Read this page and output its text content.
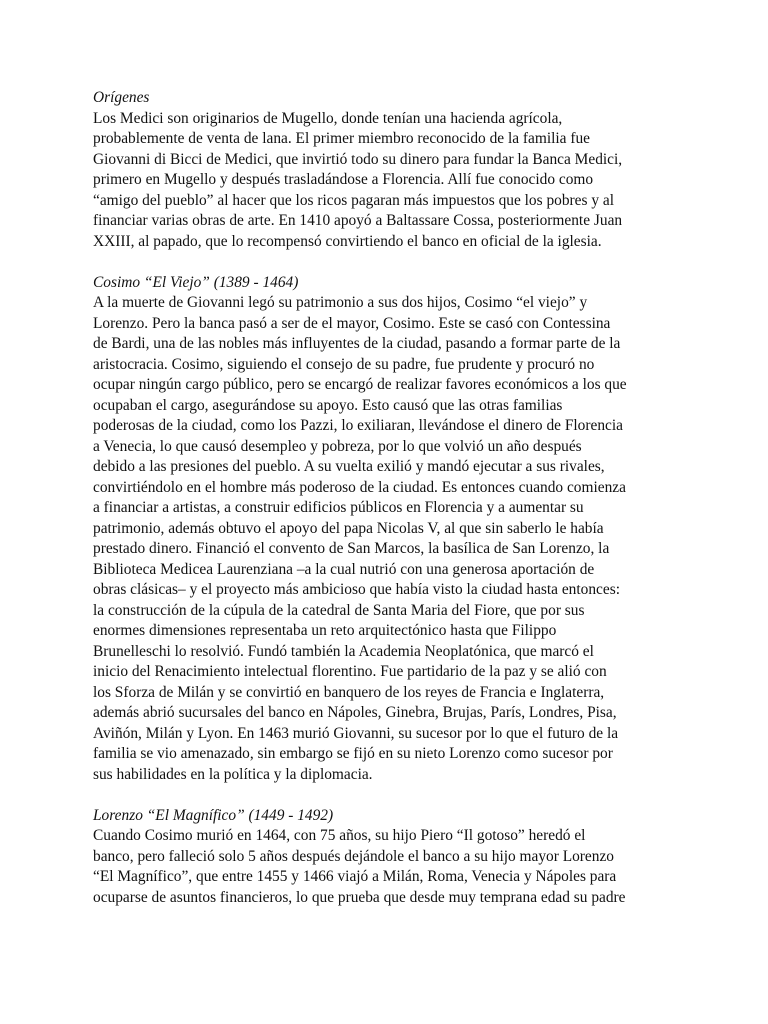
Orígenes
Los Medici son originarios de Mugello, donde tenían una hacienda agrícola,
probablemente de venta de lana. El primer miembro reconocido de la familia fue
Giovanni di Bicci de Medici, que invirtió todo su dinero para fundar la Banca Medici,
primero en Mugello y después trasladándose a Florencia. Allí fue conocido como
“amigo del pueblo” al hacer que los ricos pagaran más impuestos que los pobres y al
financiar varias obras de arte. En 1410 apoyó a Baltassare Cossa, posteriormente Juan
XXIII, al papado, que lo recompensó convirtiendo el banco en oficial de la iglesia.
Cosimo “El Viejo” (1389 - 1464)
A la muerte de Giovanni legó su patrimonio a sus dos hijos, Cosimo “el viejo” y
Lorenzo. Pero la banca pasó a ser de el mayor, Cosimo. Este se casó con Contessina
de Bardi, una de las nobles más influyentes de la ciudad, pasando a formar parte de la
aristocracia. Cosimo, siguiendo el consejo de su padre, fue prudente y procuró no
ocupar ningún cargo público, pero se encargó de realizar favores económicos a los que
ocupaban el cargo, asegurándose su apoyo. Esto causó que las otras familias
poderosas de la ciudad, como los Pazzi, lo exiliaran, llevándose el dinero de Florencia
a Venecia, lo que causó desempleo y pobreza, por lo que volvió un año después
debido a las presiones del pueblo. A su vuelta exilió y mandó ejecutar a sus rivales,
convirtiéndolo en el hombre más poderoso de la ciudad. Es entonces cuando comienza
a financiar a artistas, a construir edificios públicos en Florencia y a aumentar su
patrimonio, además obtuvo el apoyo del papa Nicolas V, al que sin saberlo le había
prestado dinero. Financió el convento de San Marcos, la basílica de San Lorenzo, la
Biblioteca Medicea Laurenziana –a la cual nutrió con una generosa aportación de
obras clásicas– y el proyecto más ambicioso que había visto la ciudad hasta entonces:
la construcción de la cúpula de la catedral de Santa Maria del Fiore, que por sus
enormes dimensiones representaba un reto arquitectónico hasta que Filippo
Brunelleschi lo resolvió. Fundó también la Academia Neoplatónica, que marcó el
inicio del Renacimiento intelectual florentino. Fue partidario de la paz y se alió con
los Sforza de Milán y se convirtió en banquero de los reyes de Francia e Inglaterra,
además abrió sucursales del banco en Nápoles, Ginebra, Brujas, París, Londres, Pisa,
Aviñón, Milán y Lyon. En 1463 murió Giovanni, su sucesor por lo que el futuro de la
familia se vio amenazado, sin embargo se fijó en su nieto Lorenzo como sucesor por
sus habilidades en la política y la diplomacia.
Lorenzo “El Magnífico” (1449 - 1492)
Cuando Cosimo murió en 1464, con 75 años, su hijo Piero “Il gotoso” heredó el
banco, pero falleció solo 5 años después dejándole el banco a su hijo mayor Lorenzo
“El Magnífico”, que entre 1455 y 1466 viajó a Milán, Roma, Venecia y Nápoles para
ocuparse de asuntos financieros, lo que prueba que desde muy temprana edad su padre
